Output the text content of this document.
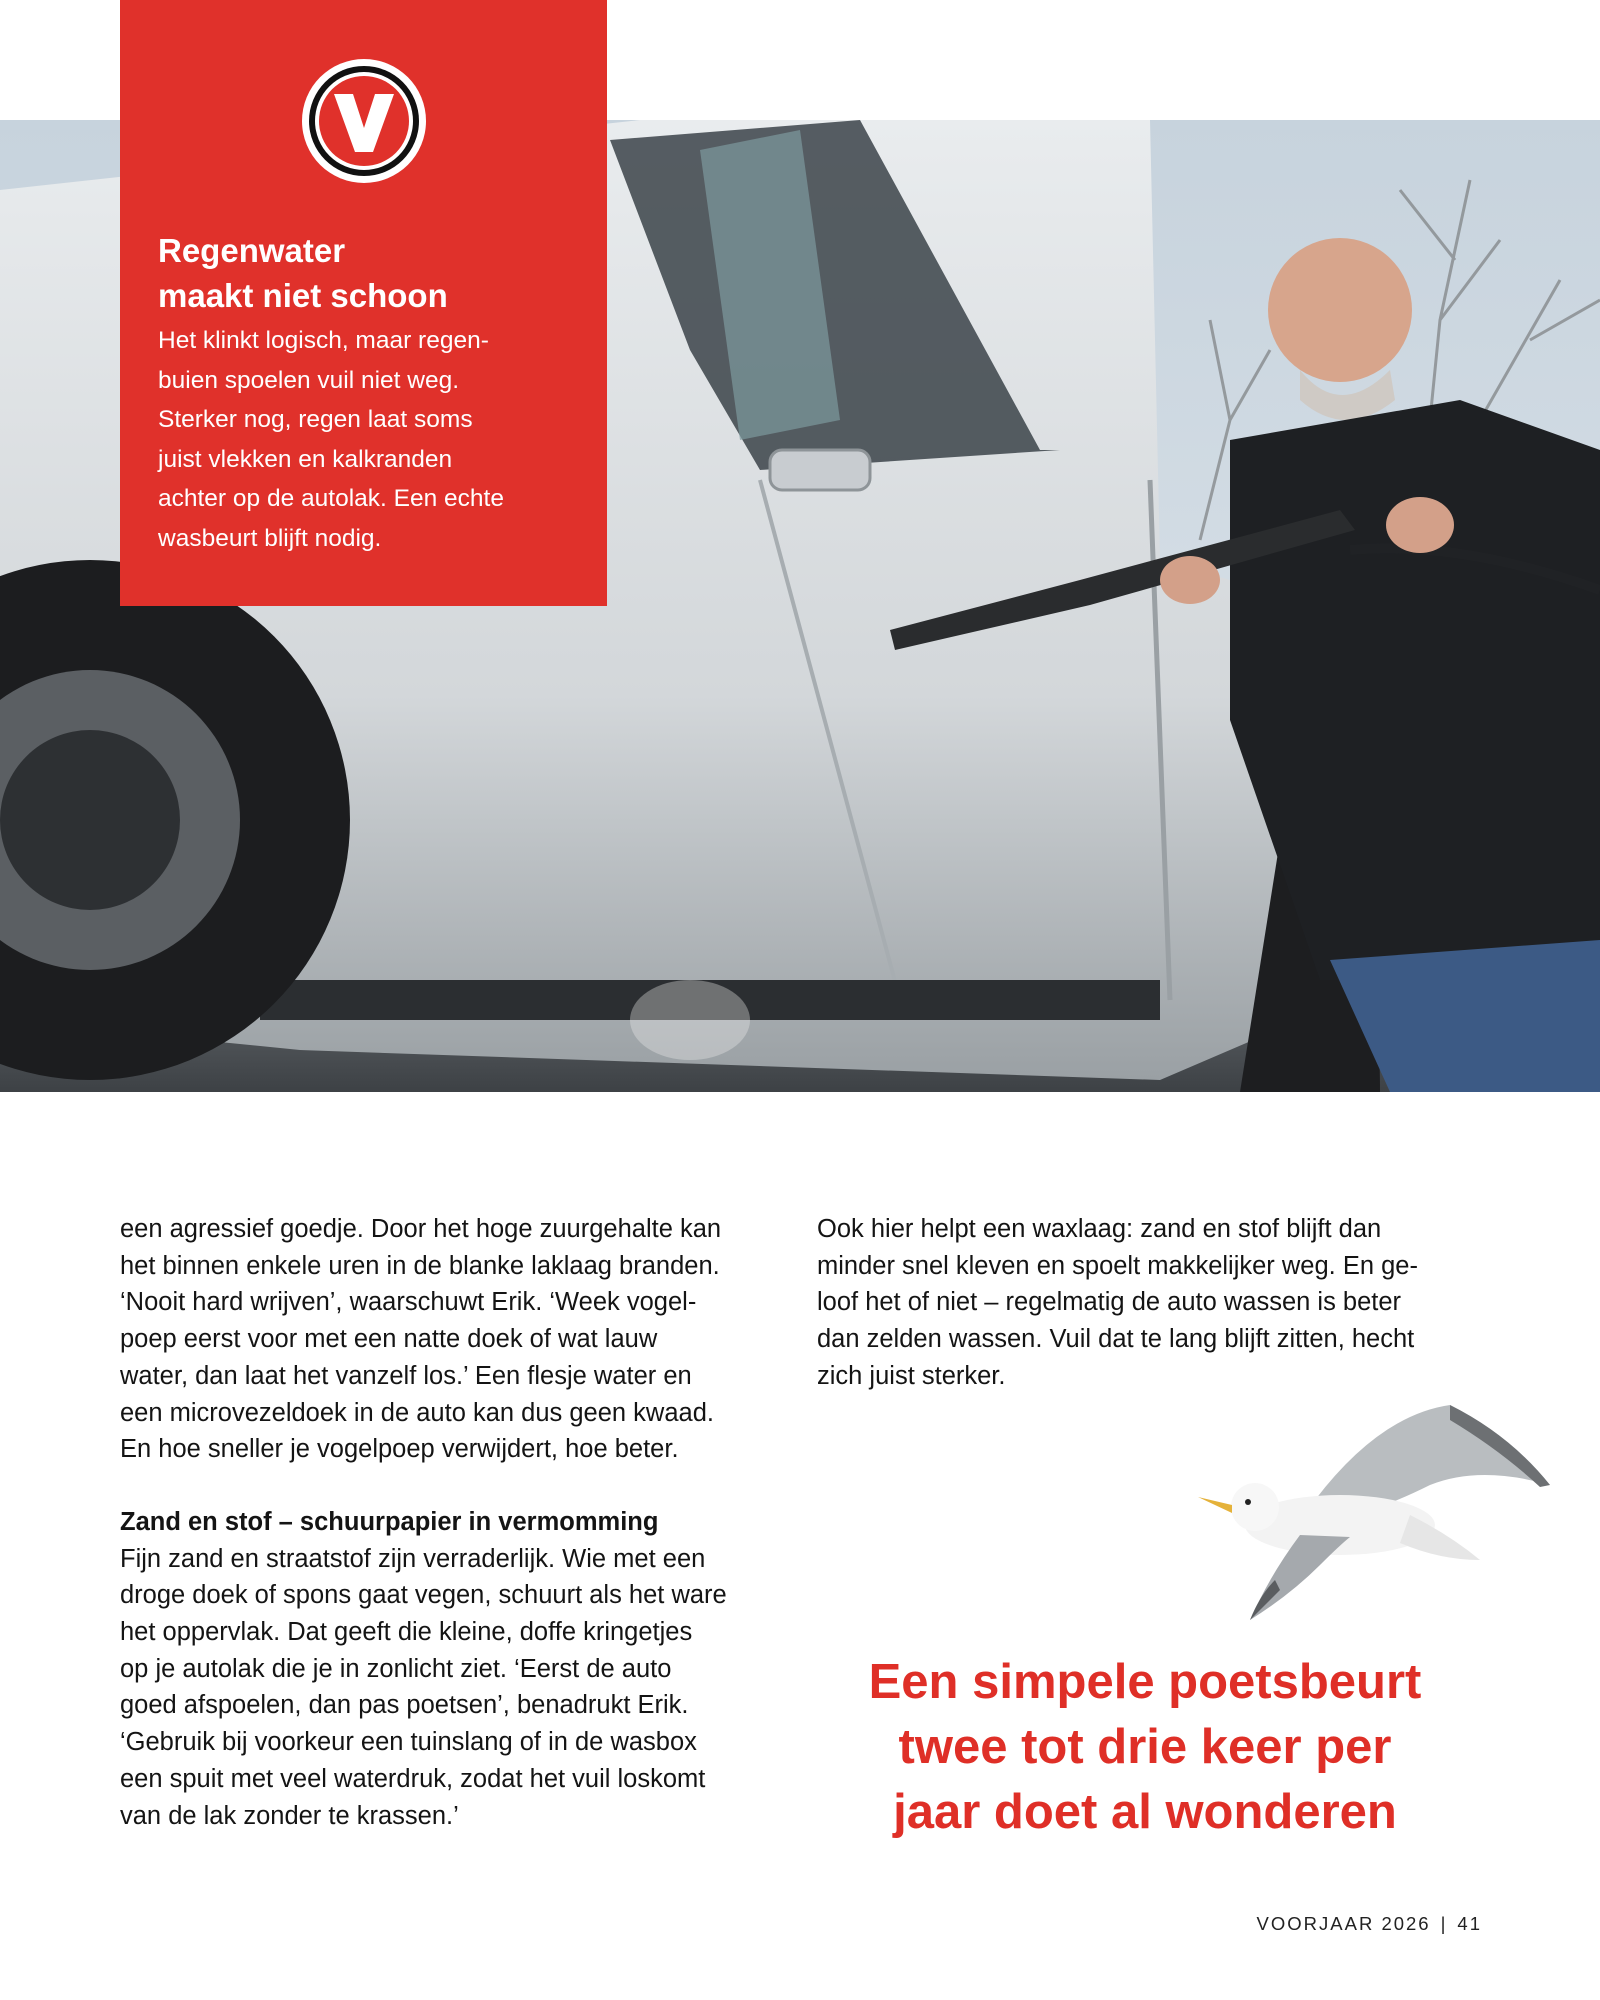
Regenwater
maakt niet schoon

Het klinkt logisch, maar regen-
buien spoelen vuil niet weg.
Sterker nog, regen laat soms
juist vlekken en kalkranden
achter op de autolak. Een echte
wasbeurt blijft nodig.

een agressief goedje. Door het hoge zuurgehalte kan
het binnen enkele uren in de blanke laklaag branden.
‘Nooit hard wrijven’, waarschuwt Erik. ‘Week vogel-
poep eerst voor met een natte doek of wat lauw
water, dan laat het vanzelf los.’ Een flesje water en
een microvezeldoek in de auto kan dus geen kwaad.
En hoe sneller je vogelpoep verwijdert, hoe beter.
Zand en stof – schuurpapier in vermomming
Fijn zand en straatstof zijn verraderlijk. Wie met een
droge doek of spons gaat vegen, schuurt als het ware
het oppervlak. Dat geeft die kleine, doffe kringetjes
op je autolak die je in zonlicht ziet. ‘Eerst de auto
goed afspoelen, dan pas poetsen’, benadrukt Erik.
‘Gebruik bij voorkeur een tuinslang of in de wasbox
een spuit met veel waterdruk, zodat het vuil loskomt
van de lak zonder te krassen.’
Ook hier helpt een waxlaag: zand en stof blijft dan
minder snel kleven en spoelt makkelijker weg. En ge-
loof het of niet – regelmatig de auto wassen is beter
dan zelden wassen. Vuil dat te lang blijft zitten, hecht
zich juist sterker.
Een simpele poetsbeurt
twee tot drie keer per
jaar doet al wonderen
VOORJAAR 2026 | 41
